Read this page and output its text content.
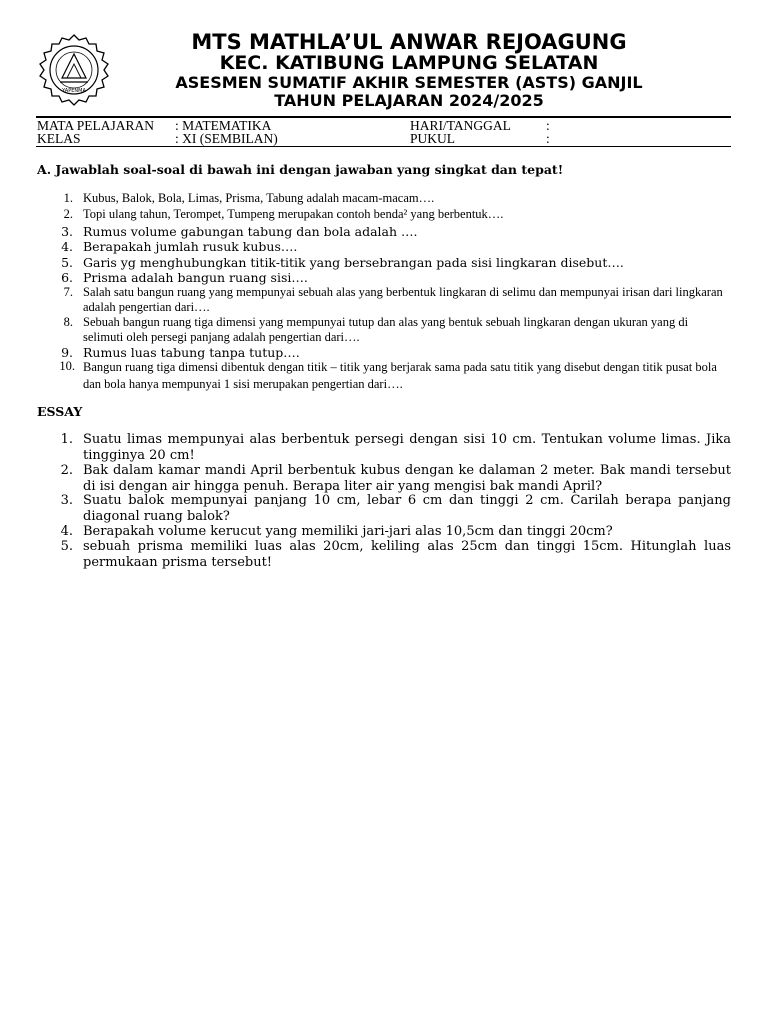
YAPENMA
MTS MATHLA’UL ANWAR REJOAGUNG
KEC. KATIBUNG LAMPUNG SELATAN
ASESMEN SUMATIF AKHIR SEMESTER (ASTS) GANJIL
TAHUN PELAJARAN 2024/2025
MATA PELAJARAN : MATEMATIKA	HARI/TANGGAL	:
KELAS	: XI (SEMBILAN)	PUKUL	:
A. Jawablah soal-soal di bawah ini dengan jawaban yang singkat dan tepat!
1. Kubus, Balok, Bola, Limas, Prisma, Tabung adalah macam-macam….
2. Topi ulang tahun, Terompet, Tumpeng merupakan contoh benda² yang berbentuk….
3. Rumus volume gabungan tabung dan bola adalah ….
4. Berapakah jumlah rusuk kubus….
5. Garis yg menghubungkan titik-titik yang bersebrangan pada sisi lingkaran disebut….
6. Prisma adalah bangun ruang sisi….
7. Salah satu bangun ruang yang mempunyai sebuah alas yang berbentuk lingkaran di selimu dan mempunyai irisan dari lingkaran adalah pengertian dari….
8. Sebuah bangun ruang tiga dimensi yang mempunyai tutup dan alas yang bentuk sebuah lingkaran dengan ukuran yang di selimuti oleh persegi panjang adalah pengertian dari….
9. Rumus luas tabung tanpa tutup….
10. Bangun ruang tiga dimensi dibentuk dengan titik – titik yang berjarak sama pada satu titik yang disebut dengan titik pusat bola dan bola hanya mempunyai 1 sisi merupakan pengertian dari….
ESSAY
1. Suatu limas mempunyai alas berbentuk persegi dengan sisi 10 cm. Tentukan volume limas. Jika tingginya 20 cm!
2. Bak dalam kamar mandi April berbentuk kubus dengan ke dalaman 2 meter. Bak mandi tersebut di isi dengan air hingga penuh. Berapa liter air yang mengisi bak mandi April?
3. Suatu balok mempunyai panjang 10 cm, lebar 6 cm dan tinggi 2 cm. Carilah berapa panjang diagonal ruang balok?
4. Berapakah volume kerucut yang memiliki jari-jari alas 10,5cm dan tinggi 20cm?
5. sebuah prisma memiliki luas alas 20cm, keliling alas 25cm dan tinggi 15cm. Hitunglah luas permukaan prisma tersebut!
